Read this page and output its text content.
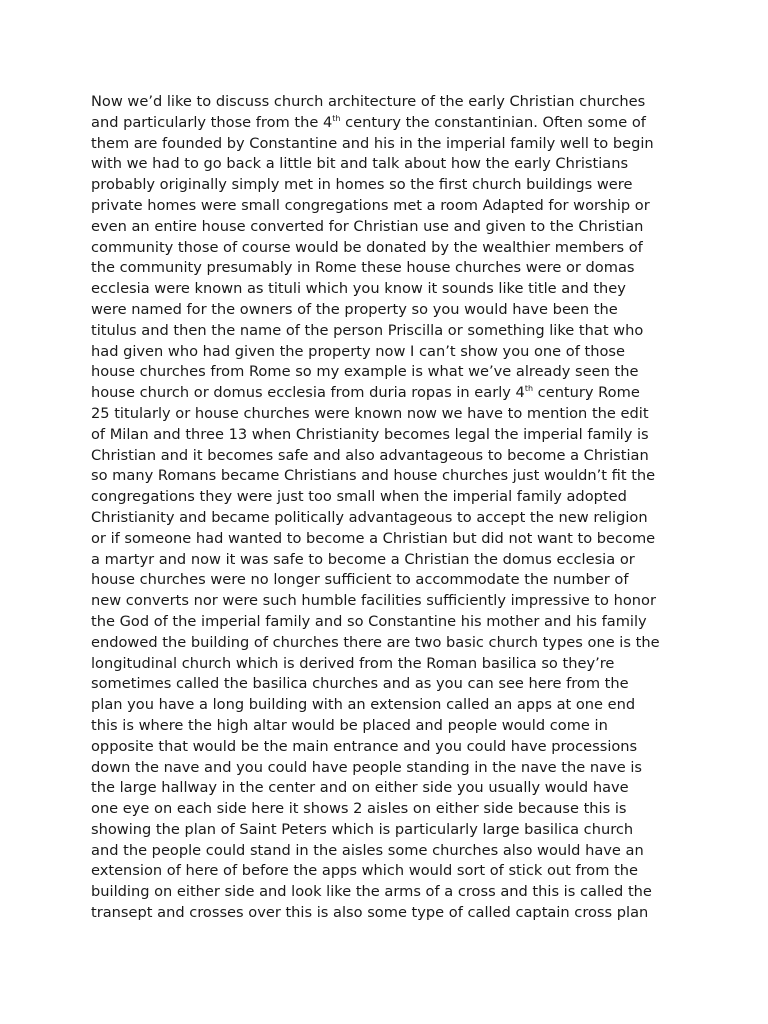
Now we’d like to discuss church architecture of the early Christian churches
and particularly those from the 4th century the constantinian. Often some of
them are founded by Constantine and his in the imperial family well to begin
with we had to go back a little bit and talk about how the early Christians
probably originally simply met in homes so the first church buildings were
private homes were small congregations met a room Adapted for worship or
even an entire house converted for Christian use and given to the Christian
community those of course would be donated by the wealthier members of
the community presumably in Rome these house churches were or domas
ecclesia were known as tituli which you know it sounds like title and they
were named for the owners of the property so you would have been the
titulus and then the name of the person Priscilla or something like that who
had given who had given the property now I can’t show you one of those
house churches from Rome so my example is what we’ve already seen the
house church or domus ecclesia from duria ropas in early 4th century Rome
25 titularly or house churches were known now we have to mention the edit
of Milan and three 13 when Christianity becomes legal the imperial family is
Christian and it becomes safe and also advantageous to become a Christian
so many Romans became Christians and house churches just wouldn’t fit the
congregations they were just too small when the imperial family adopted
Christianity and became politically advantageous to accept the new religion
or if someone had wanted to become a Christian but did not want to become
a martyr and now it was safe to become a Christian the domus ecclesia or
house churches were no longer sufficient to accommodate the number of
new converts nor were such humble facilities sufficiently impressive to honor
the God of the imperial family and so Constantine his mother and his family
endowed the building of churches there are two basic church types one is the
longitudinal church which is derived from the Roman basilica so they’re
sometimes called the basilica churches and as you can see here from the
plan you have a long building with an extension called an apps at one end
this is where the high altar would be placed and people would come in
opposite that would be the main entrance and you could have processions
down the nave and you could have people standing in the nave the nave is
the large hallway in the center and on either side you usually would have
one eye on each side here it shows 2 aisles on either side because this is
showing the plan of Saint Peters which is particularly large basilica church
and the people could stand in the aisles some churches also would have an
extension of here of before the apps which would sort of stick out from the
building on either side and look like the arms of a cross and this is called the
transept and crosses over this is also some type of called captain cross plan
